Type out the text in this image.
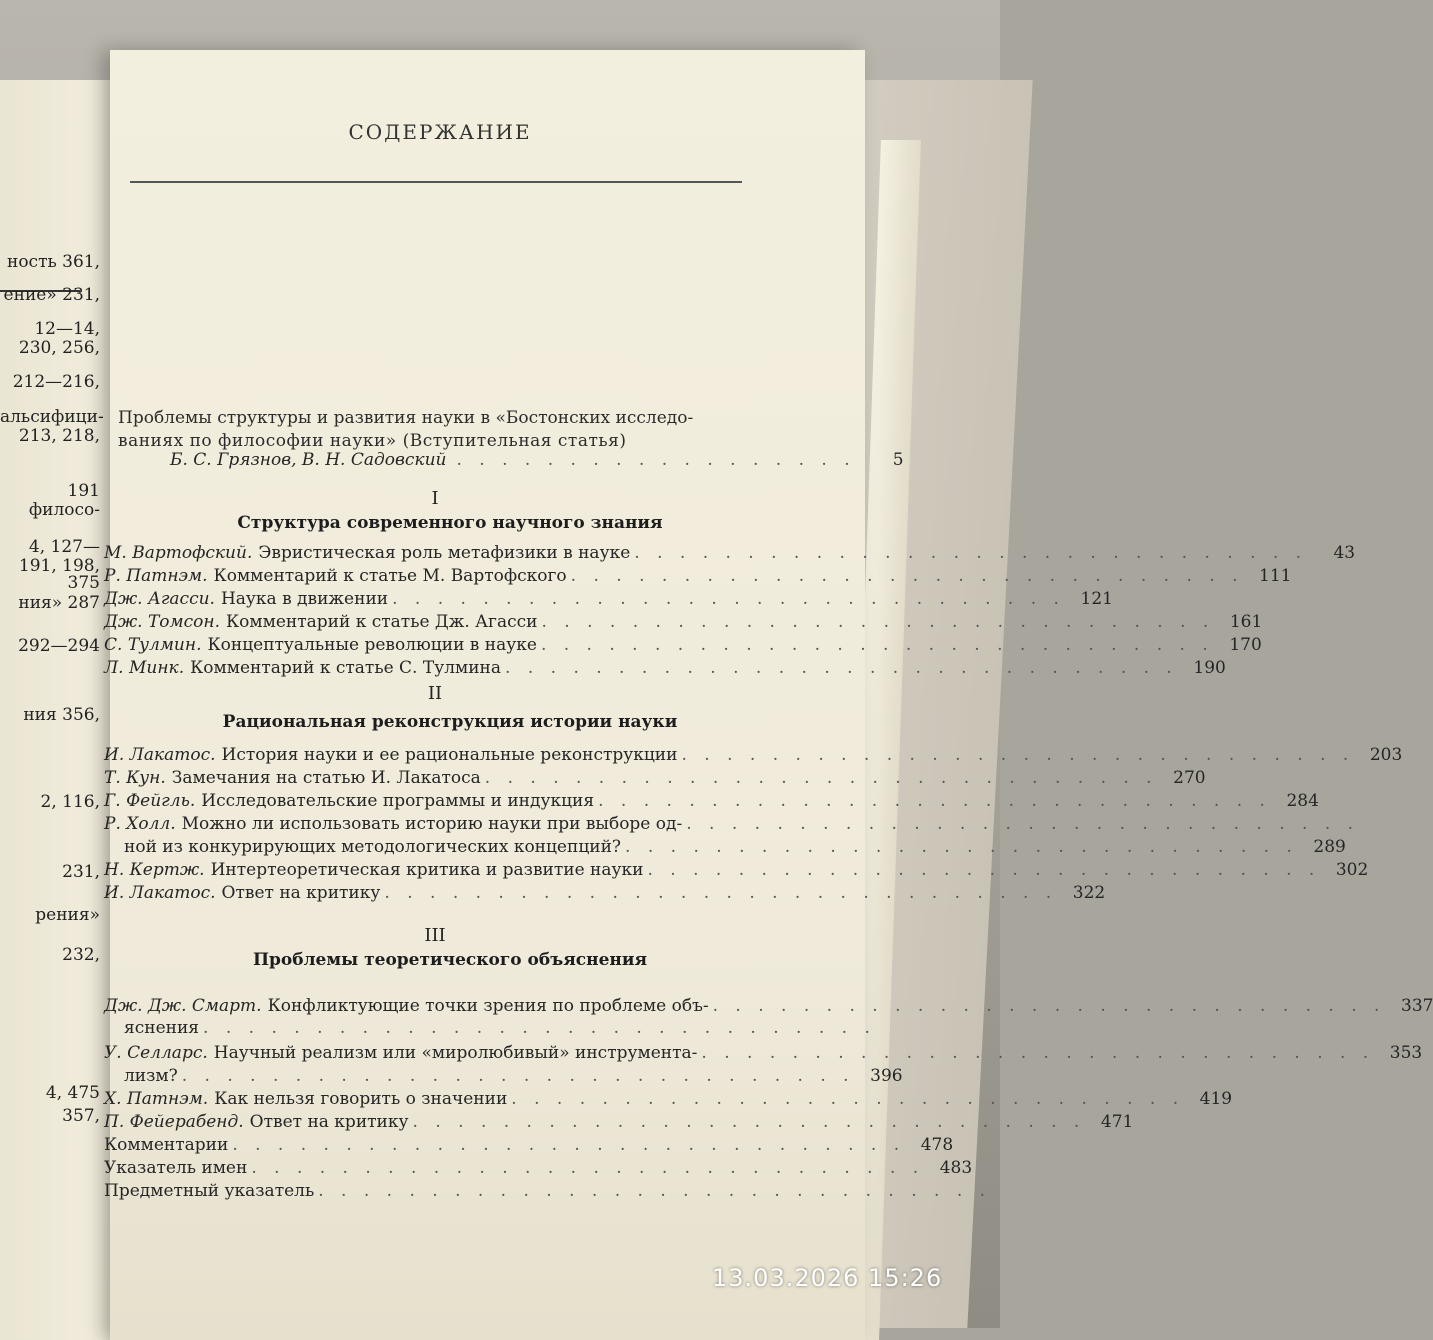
ность 361,
ение» 231,
12—14,
230, 256,
212—216,
альсифици-
213, 218,
191
филосо-
4, 127—
191, 198,
375
ния» 287
292—294
ния 356,
2, 116,
231,
рения»
232,
4, 475
357,
СОДЕРЖАНИЕ
Проблемы структуры и развития науки в «Бостонских исследо-
ваниях по философии науки» (Вступительная статья)
Б. С. Грязнов, В. Н. Садовский . . . . . . . . . . . . . . . . . .	5
I
Структура современного научного знания
М. Вартофский. Эвристическая роль метафизики в науке . . . . . . . . . . . . . . . . . . . . . . . . . . . . . .	43
Р. Патнэм. Комментарий к статье М. Вартофского . . . . . . . . . . . . . . . . . . . . . . . . . . . . . . 111
Дж. Агасси. Наука в движении . . . . . . . . . . . . . . . . . . . . . . . . . . . . . . 121
Дж. Томсон. Комментарий к статье Дж. Агасси . . . . . . . . . . . . . . . . . . . . . . . . . . . . . . 161
С. Тулмин. Концептуальные революции в науке . . . . . . . . . . . . . . . . . . . . . . . . . . . . . . 170
Л. Минк. Комментарий к статье С. Тулмина . . . . . . . . . . . . . . . . . . . . . . . . . . . . . . 190
II
Рациональная реконструкция истории науки
И. Лакатос. История науки и ее рациональные реконструкции . . . . . . . . . . . . . . . . . . . . . . . . . . . . . . 203
Т. Кун. Замечания на статью И. Лакатоса . . . . . . . . . . . . . . . . . . . . . . . . . . . . . . 270
Г. Фейгль. Исследовательские программы и индукция . . . . . . . . . . . . . . . . . . . . . . . . . . . . . . 284
Р. Холл. Можно ли использовать историю науки при выборе од- . . . . . . . . . . . . . . . . . . . . . . . . . . . . . .
ной из конкурирующих методологических концепций? . . . . . . . . . . . . . . . . . . . . . . . . . . . . . . 289
Н. Кертж. Интертеоретическая критика и развитие науки . . . . . . . . . . . . . . . . . . . . . . . . . . . . . . 302
И. Лакатос. Ответ на критику . . . . . . . . . . . . . . . . . . . . . . . . . . . . . . 322
III
Проблемы теоретического объяснения
Дж. Дж. Смарт. Конфликтующие точки зрения по проблеме объ- . . . . . . . . . . . . . . . . . . . . . . . . . . . . . . 337
яснения . . . . . . . . . . . . . . . . . . . . . . . . . . . . . .
У. Селларс. Научный реализм или «миролюбивый» инструмента- . . . . . . . . . . . . . . . . . . . . . . . . . . . . . . 353
лизм? . . . . . . . . . . . . . . . . . . . . . . . . . . . . . . 396
Х. Патнэм. Как нельзя говорить о значении . . . . . . . . . . . . . . . . . . . . . . . . . . . . . . 419
П. Фейерабенд. Ответ на критику . . . . . . . . . . . . . . . . . . . . . . . . . . . . . . 471
Комментарии . . . . . . . . . . . . . . . . . . . . . . . . . . . . . . 478
Указатель имен . . . . . . . . . . . . . . . . . . . . . . . . . . . . . . 483
Предметный указатель . . . . . . . . . . . . . . . . . . . . . . . . . . . . . .
13.03.2026 15:26
